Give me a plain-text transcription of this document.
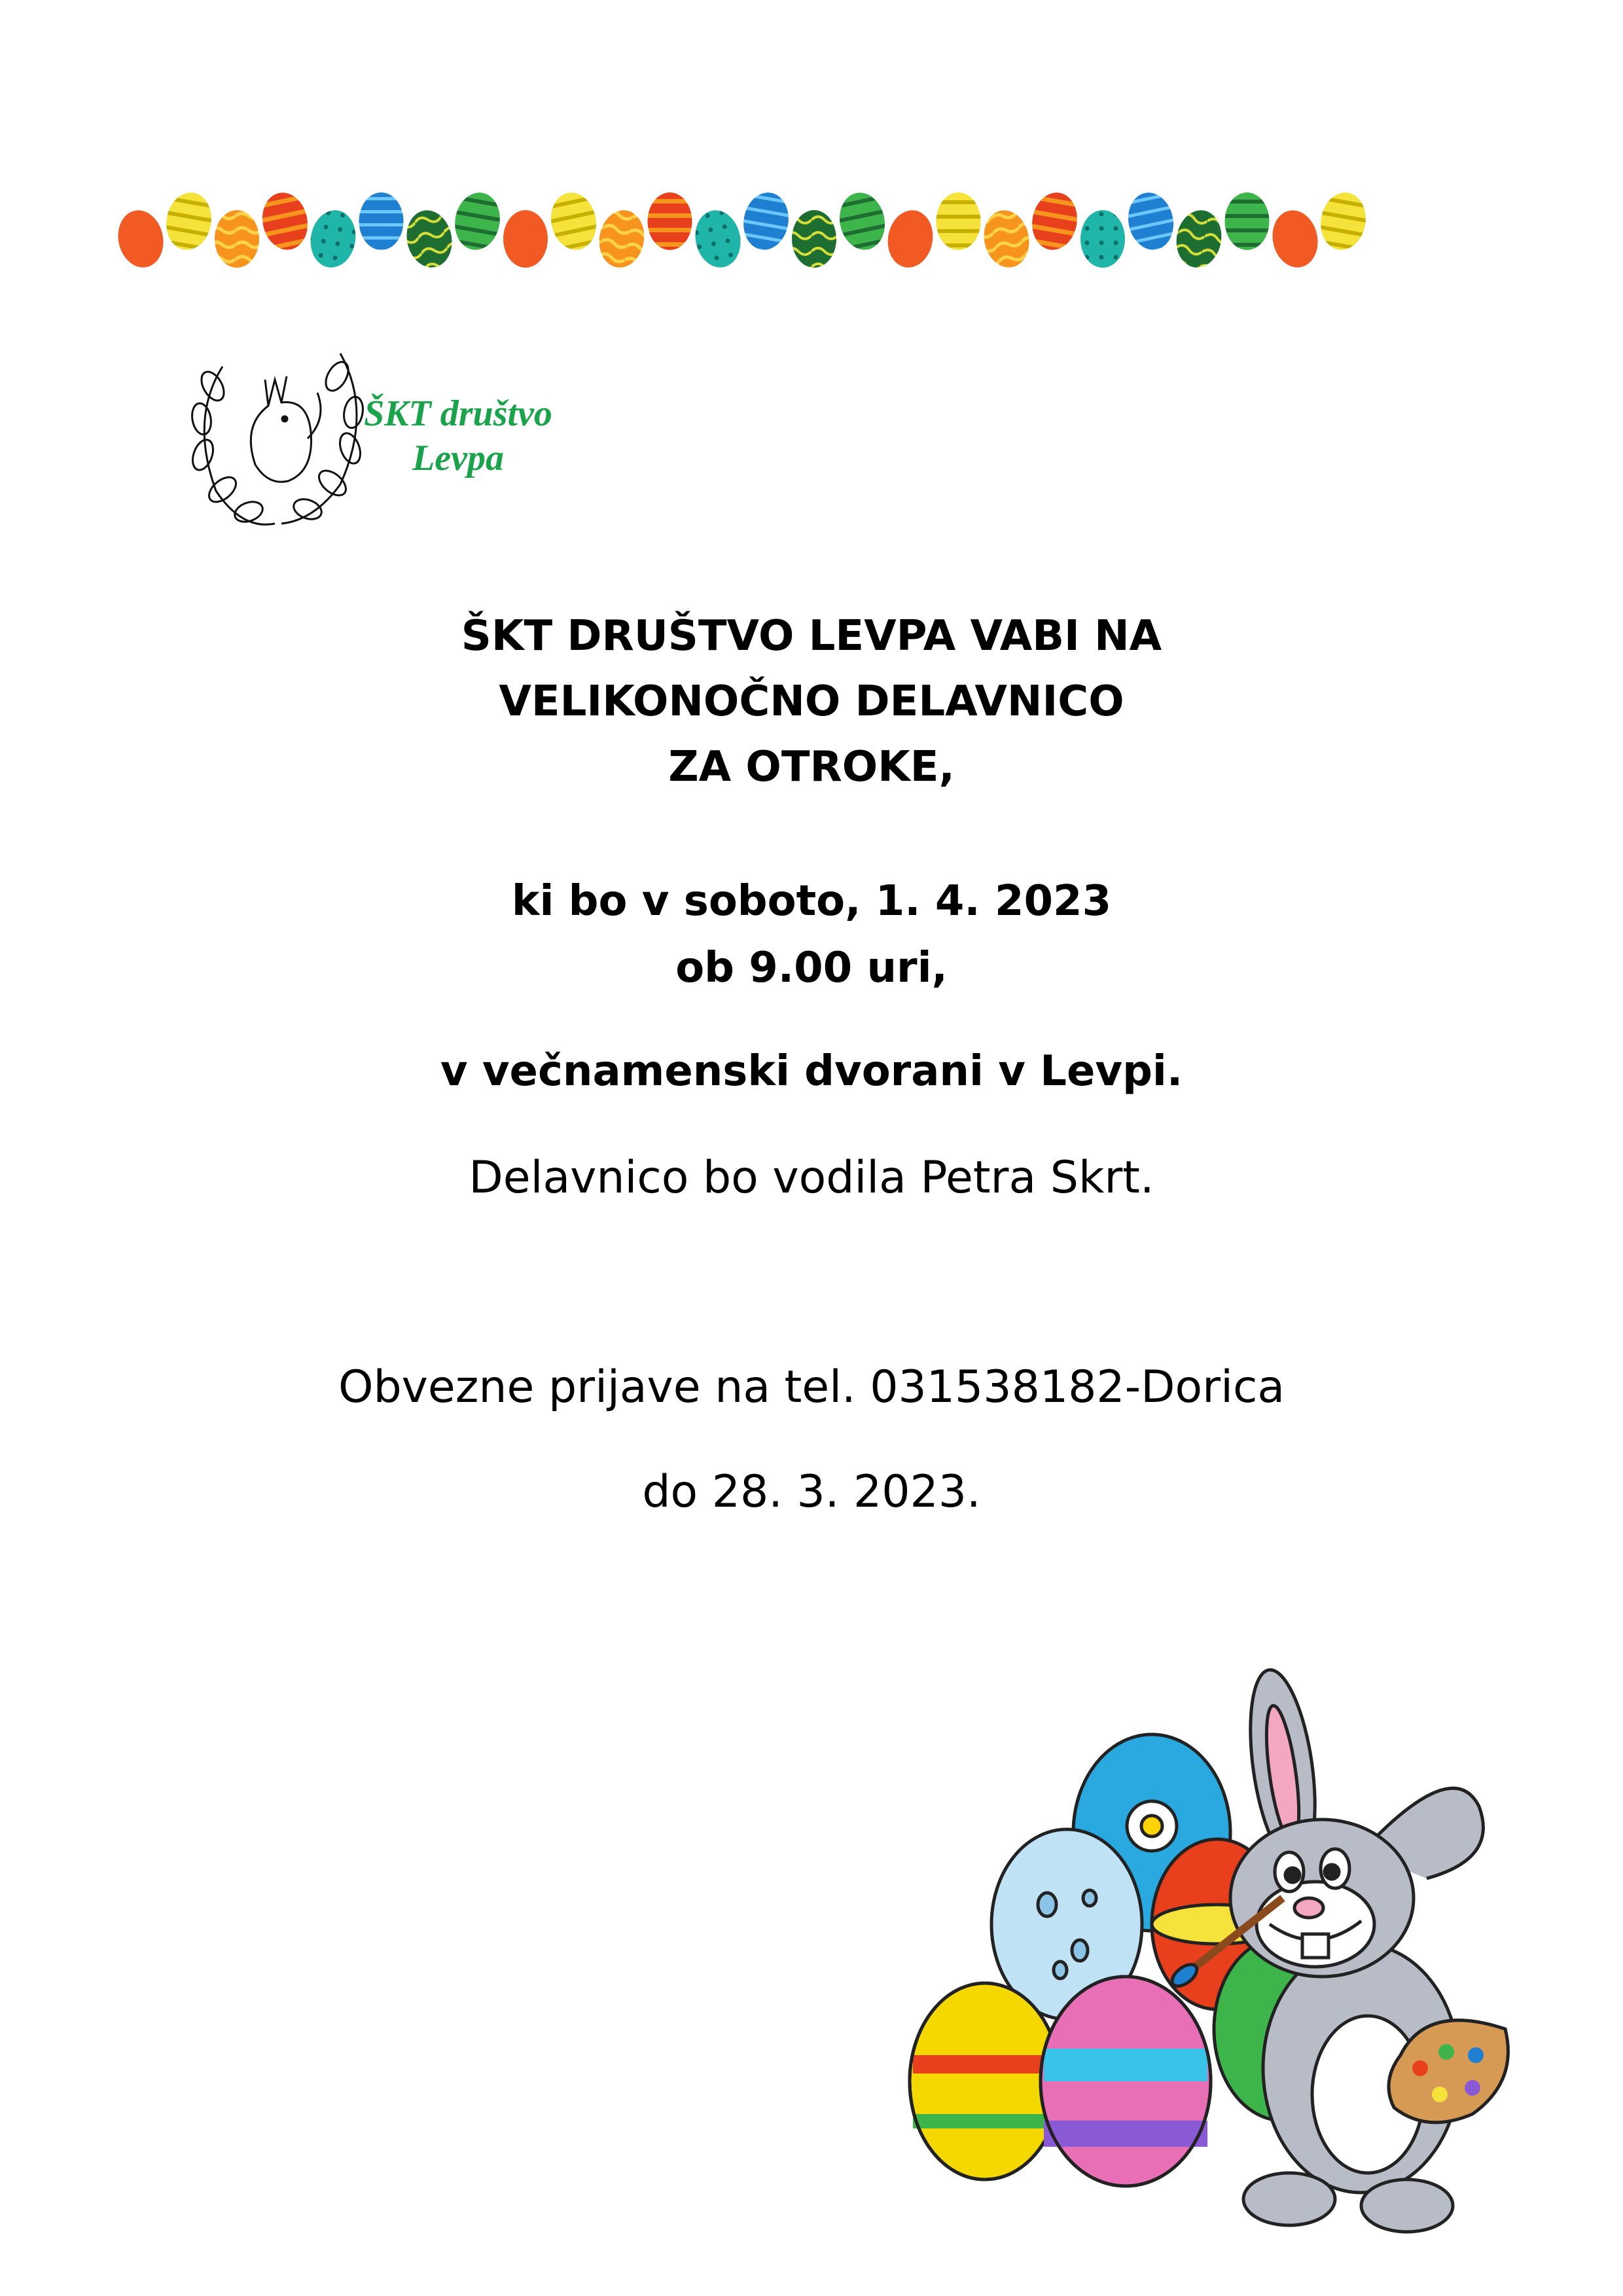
ŠKT društvo
Levpa
ŠKT DRUŠTVO LEVPA VABI NA
VELIKONOČNO DELAVNICO
ZA OTROKE,
ki bo v soboto, 1. 4. 2023
ob 9.00 uri,
v večnamenski dvorani v Levpi.
Delavnico bo vodila Petra Skrt.
Obvezne prijave na tel. 031538182-Dorica
do 28. 3. 2023.
